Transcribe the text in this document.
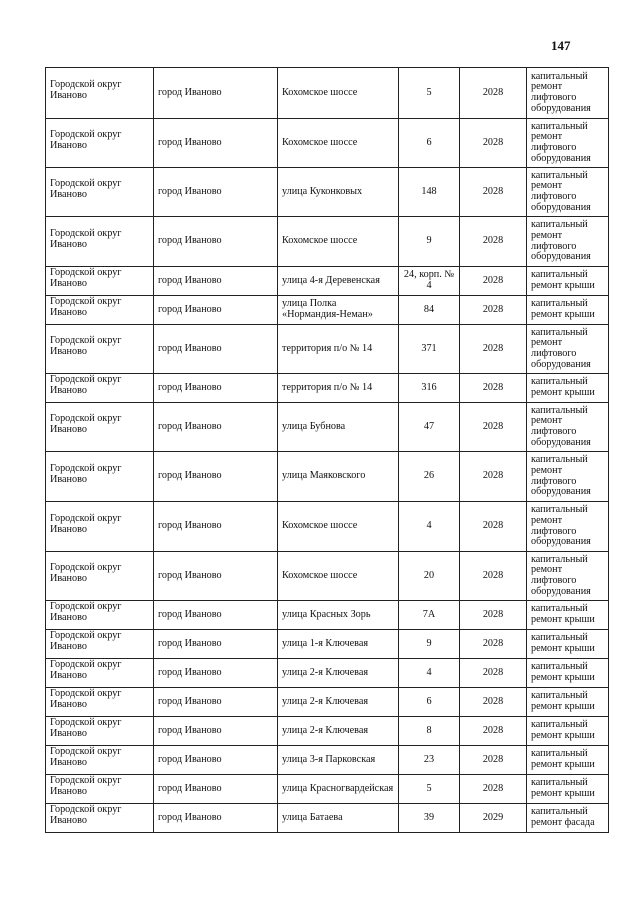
147
Городской округ Иваново	город Иваново	Кохомское шоссе	5	2028	капитальный ремонт лифтового оборудования

Городской округ Иваново	город Иваново	Кохомское шоссе	6	2028	капитальный ремонт лифтового оборудования

Городской округ Иваново	город Иваново	улица Куконковых	148	2028	капитальный ремонт лифтового оборудования

Городской округ Иваново	город Иваново	Кохомское шоссе	9	2028	капитальный ремонт лифтового оборудования

Городской округ Иваново	город Иваново	улица 4-я Деревенская	24, корп. № 4	2028	капитальный ремонт крыши

Городской округ Иваново	город Иваново	улица Полка «Нормандия-Неман»	84	2028	капитальный ремонт крыши

Городской округ Иваново	город Иваново	территория п/о № 14	371	2028	капитальный ремонт лифтового оборудования

Городской округ Иваново	город Иваново	территория п/о № 14	316	2028	капитальный ремонт крыши

Городской округ Иваново	город Иваново	улица Бубнова	47	2028	капитальный ремонт лифтового оборудования

Городской округ Иваново	город Иваново	улица Маяковского	26	2028	капитальный ремонт лифтового оборудования

Городской округ Иваново	город Иваново	Кохомское шоссе	4	2028	капитальный ремонт лифтового оборудования

Городской округ Иваново	город Иваново	Кохомское шоссе	20	2028	капитальный ремонт лифтового оборудования

Городской округ Иваново	город Иваново	улица Красных Зорь	7А	2028	капитальный ремонт крыши

Городской округ Иваново	город Иваново	улица 1-я Ключевая	9	2028	капитальный ремонт крыши

Городской округ Иваново	город Иваново	улица 2-я Ключевая	4	2028	капитальный ремонт крыши

Городской округ Иваново	город Иваново	улица 2-я Ключевая	6	2028	капитальный ремонт крыши

Городской округ Иваново	город Иваново	улица 2-я Ключевая	8	2028	капитальный ремонт крыши

Городской округ Иваново	город Иваново	улица 3-я Парковская	23	2028	капитальный ремонт крыши

Городской округ Иваново	город Иваново	улица Красногвардейская	5	2028	капитальный ремонт крыши

Городской округ Иваново	город Иваново	улица Батаева	39	2029	капитальный ремонт фасада
